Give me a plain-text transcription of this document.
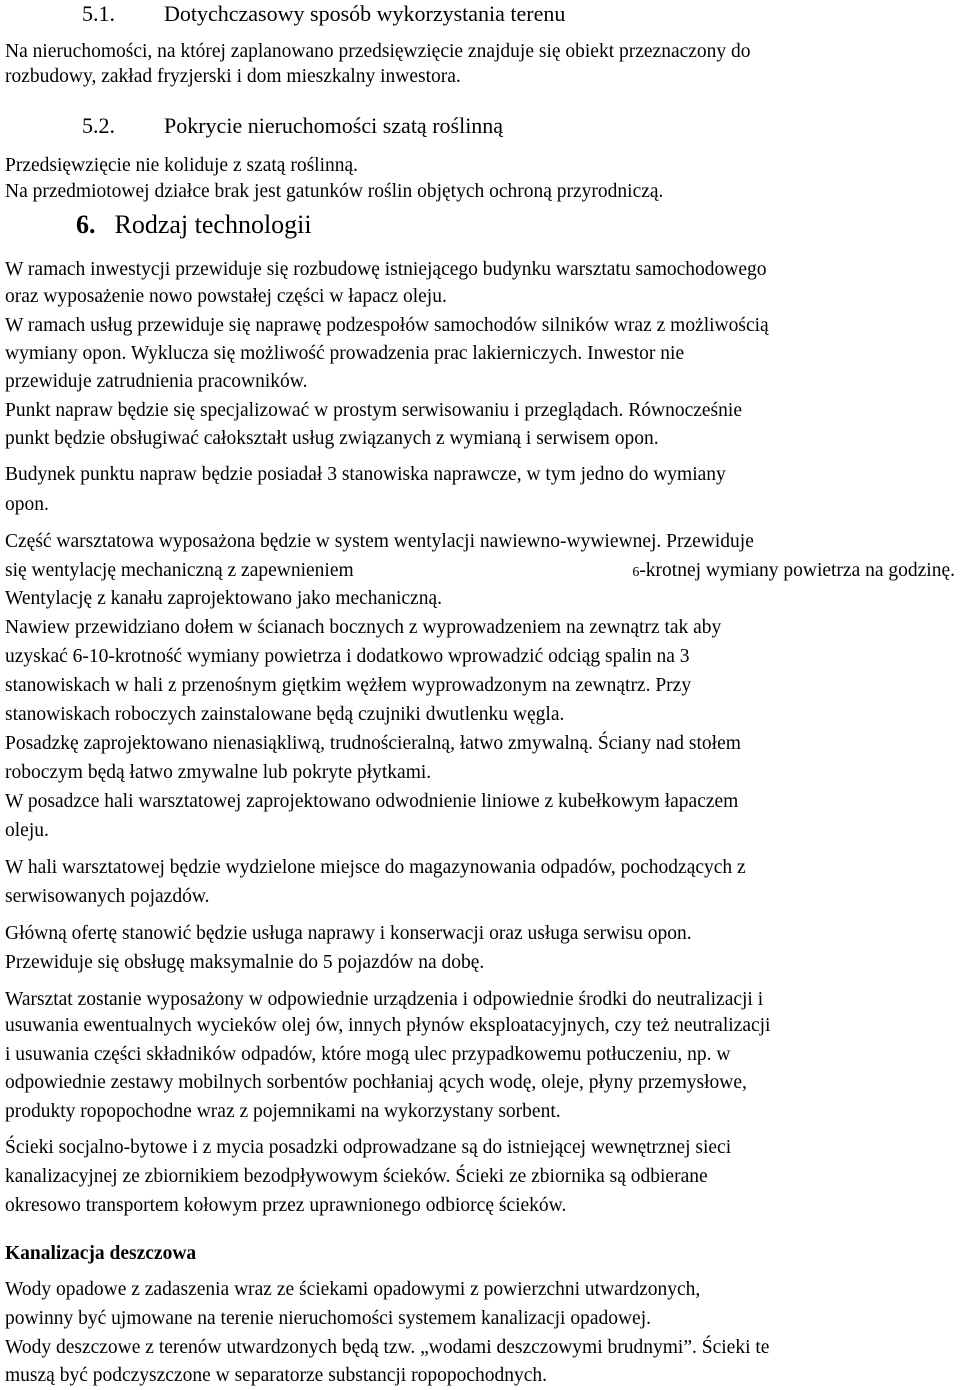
5.1. Dotychczasowy sposób wykorzystania terenu
Na nieruchomości, na której zaplanowano przedsięwzięcie znajduje się obiekt przeznaczony do
rozbudowy, zakład fryzjerski i dom mieszkalny inwestora.
5.2. Pokrycie nieruchomości szatą roślinną
Przedsięwzięcie nie koliduje z szatą roślinną.
Na przedmiotowej działce brak jest gatunków roślin objętych ochroną przyrodniczą.
6. Rodzaj technologii
W ramach inwestycji przewiduje się rozbudowę istniejącego budynku warsztatu samochodowego
oraz wyposażenie nowo powstałej części w łapacz oleju.
W ramach usług przewiduje się naprawę podzespołów samochodów silników wraz z możliwością
wymiany opon. Wyklucza się możliwość prowadzenia prac lakierniczych. Inwestor nie
przewiduje zatrudnienia pracowników.
Punkt napraw będzie się specjalizować w prostym serwisowaniu i przeglądach. Równocześnie
punkt będzie obsługiwać całokształt usług związanych z wymianą i serwisem opon.
Budynek punktu napraw będzie posiadał 3 stanowiska naprawcze, w tym jedno do wymiany
opon.
Część warsztatowa wyposażona będzie w system wentylacji nawiewno-wywiewnej. Przewiduje
się wentylację mechaniczną z zapewnieniem	6-krotnej wymiany powietrza na godzinę.
Wentylację z kanału zaprojektowano jako mechaniczną.
Nawiew przewidziano dołem w ścianach bocznych z wyprowadzeniem na zewnątrz tak aby
uzyskać 6-10-krotność wymiany powietrza i dodatkowo wprowadzić odciąg spalin na 3
stanowiskach w hali z przenośnym giętkim wężłem wyprowadzonym na zewnątrz. Przy
stanowiskach roboczych zainstalowane będą czujniki dwutlenku węgla.
Posadzkę zaprojektowano nienasiąkliwą, trudnościeralną, łatwo zmywalną. Ściany nad stołem
roboczym będą łatwo zmywalne lub pokryte płytkami.
W posadzce hali warsztatowej zaprojektowano odwodnienie liniowe z kubełkowym łapaczem
oleju.
W hali warsztatowej będzie wydzielone miejsce do magazynowania odpadów, pochodzących z
serwisowanych pojazdów.
Główną ofertę stanowić będzie usługa naprawy i konserwacji oraz usługa serwisu opon.
Przewiduje się obsługę maksymalnie do 5 pojazdów na dobę.
Warsztat zostanie wyposażony w odpowiednie urządzenia i odpowiednie środki do neutralizacji i
usuwania ewentualnych wycieków olej ów, innych płynów eksploatacyjnych, czy też neutralizacji
i usuwania części składników odpadów, które mogą ulec przypadkowemu potłuczeniu, np. w
odpowiednie zestawy mobilnych sorbentów pochłaniaj ących wodę, oleje, płyny przemysłowe,
produkty ropopochodne wraz z pojemnikami na wykorzystany sorbent.
Ścieki socjalno-bytowe i z mycia posadzki odprowadzane są do istniejącej wewnętrznej sieci
kanalizacyjnej ze zbiornikiem bezodpływowym ścieków. Ścieki ze zbiornika są odbierane
okresowo transportem kołowym przez uprawnionego odbiorcę ścieków.
Kanalizacja deszczowa
Wody opadowe z zadaszenia wraz ze ściekami opadowymi z powierzchni utwardzonych,
powinny być ujmowane na terenie nieruchomości systemem kanalizacji opadowej.
Wody deszczowe z terenów utwardzonych będą tzw. „wodami deszczowymi brudnymi”. Ścieki te
muszą być podczyszczone w separatorze substancji ropopochodnych.
